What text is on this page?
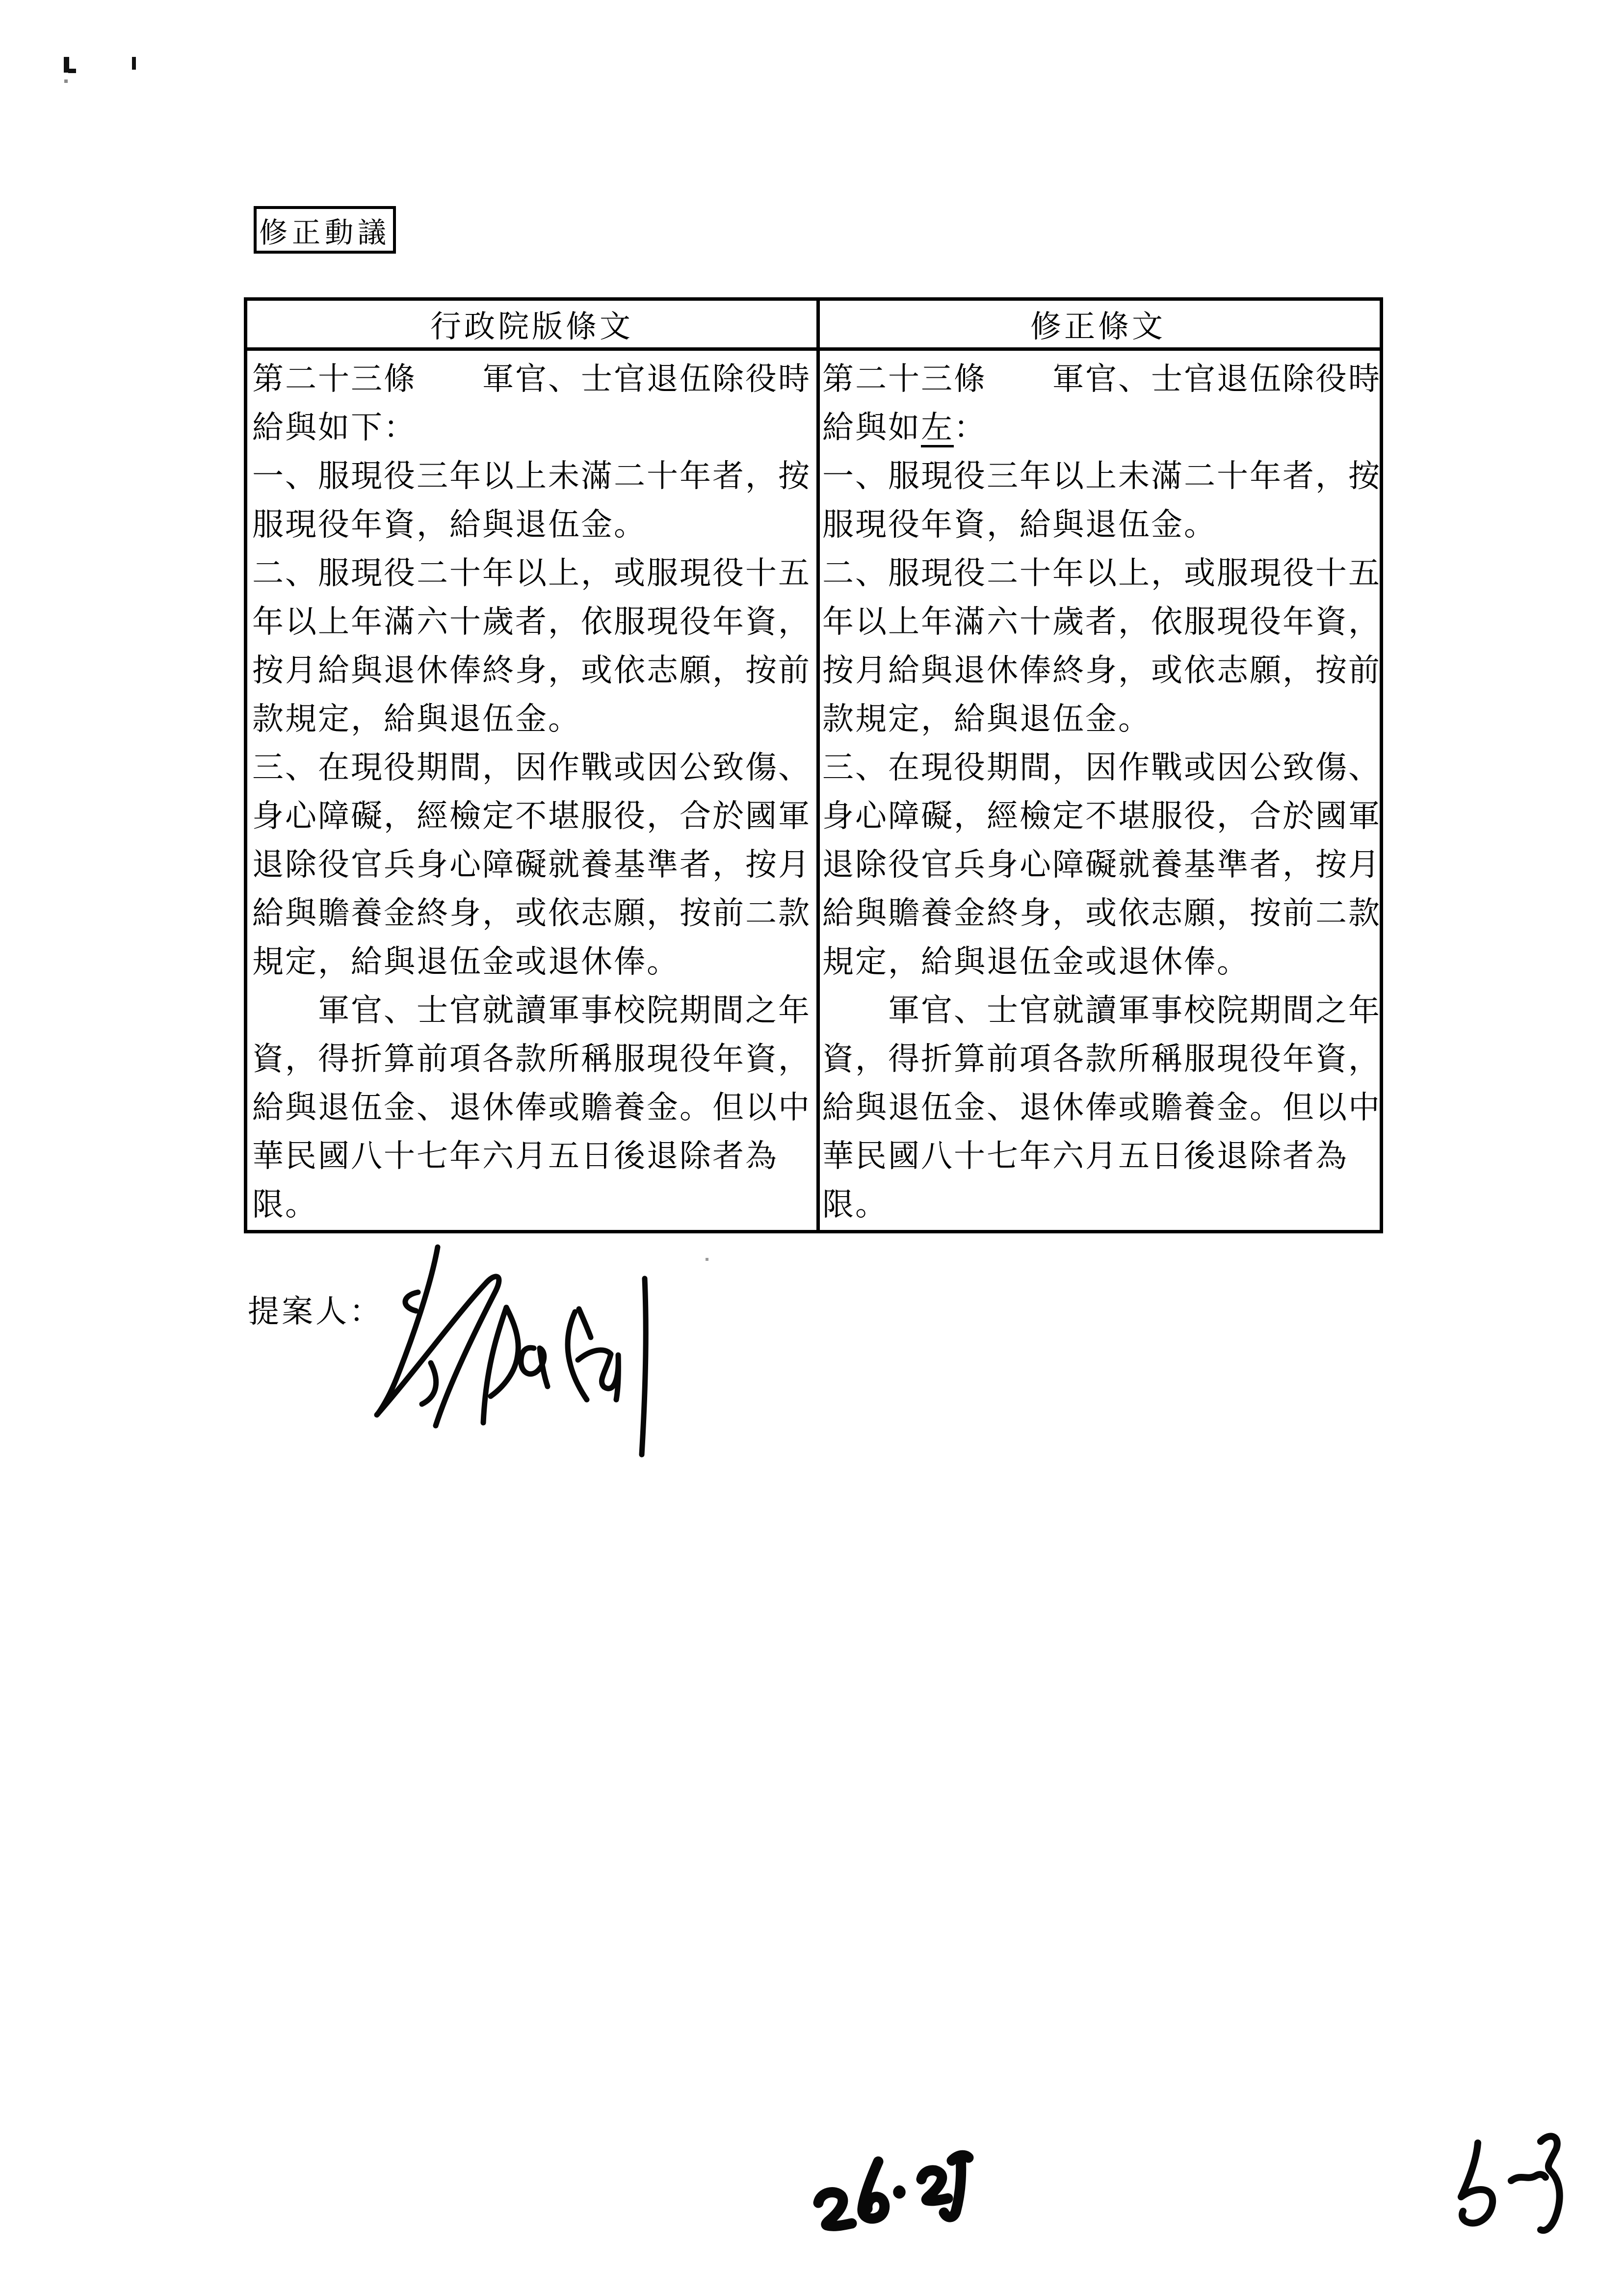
修正動議
行政院版條文	修正條文
第二十三條　　軍官、士官退伍除役時
給與如下：
一、服現役三年以上未滿二十年者，按
服現役年資，給與退伍金。
二、服現役二十年以上，或服現役十五
年以上年滿六十歲者，依服現役年資，
按月給與退休俸終身，或依志願，按前
款規定，給與退伍金。
三、在現役期間，因作戰或因公致傷、
身心障礙，經檢定不堪服役，合於國軍
退除役官兵身心障礙就養基準者，按月
給與贍養金終身，或依志願，按前二款
規定，給與退伍金或退休俸。
　　軍官、士官就讀軍事校院期間之年
資，得折算前項各款所稱服現役年資，
給與退伍金、退休俸或贍養金。但以中
華民國八十七年六月五日後退除者為
限。
第二十三條　　軍官、士官退伍除役時
給與如左：
一、服現役三年以上未滿二十年者，按
服現役年資，給與退伍金。
二、服現役二十年以上，或服現役十五
年以上年滿六十歲者，依服現役年資，
按月給與退休俸終身，或依志願，按前
款規定，給與退伍金。
三、在現役期間，因作戰或因公致傷、
身心障礙，經檢定不堪服役，合於國軍
退除役官兵身心障礙就養基準者，按月
給與贍養金終身，或依志願，按前二款
規定，給與退伍金或退休俸。
　　軍官、士官就讀軍事校院期間之年
資，得折算前項各款所稱服現役年資，
給與退伍金、退休俸或贍養金。但以中
華民國八十七年六月五日後退除者為
限。
提案人：
